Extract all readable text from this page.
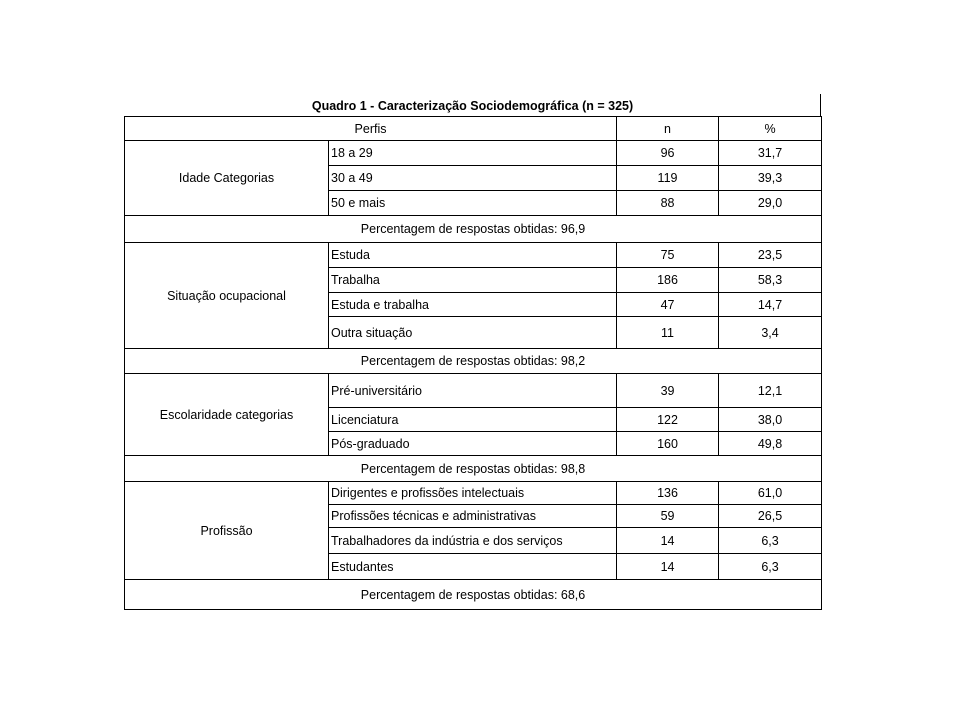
Quadro 1 - Caracterização Sociodemográfica (n = 325)
Perfis		n	%
Idade Categorias	18 a 29	96	31,7
	30 a 49	119	39,3
	50 e mais	88	29,0
Percentagem de respostas obtidas: 96,9			
Situação ocupacional	Estuda	75	23,5
	Trabalha	186	58,3
	Estuda e trabalha	47	14,7
	Outra situação	11	3,4
Percentagem de respostas obtidas: 98,2			
Escolaridade categorias	Pré-universitário	39	12,1
	Licenciatura	122	38,0
	Pós-graduado	160	49,8
Percentagem de respostas obtidas: 98,8			
Profissão	Dirigentes e profissões intelectuais	136	61,0
	Profissões técnicas e administrativas	59	26,5
	Trabalhadores da indústria e dos serviços	14	6,3
	Estudantes	14	6,3
Percentagem de respostas obtidas: 68,6			
